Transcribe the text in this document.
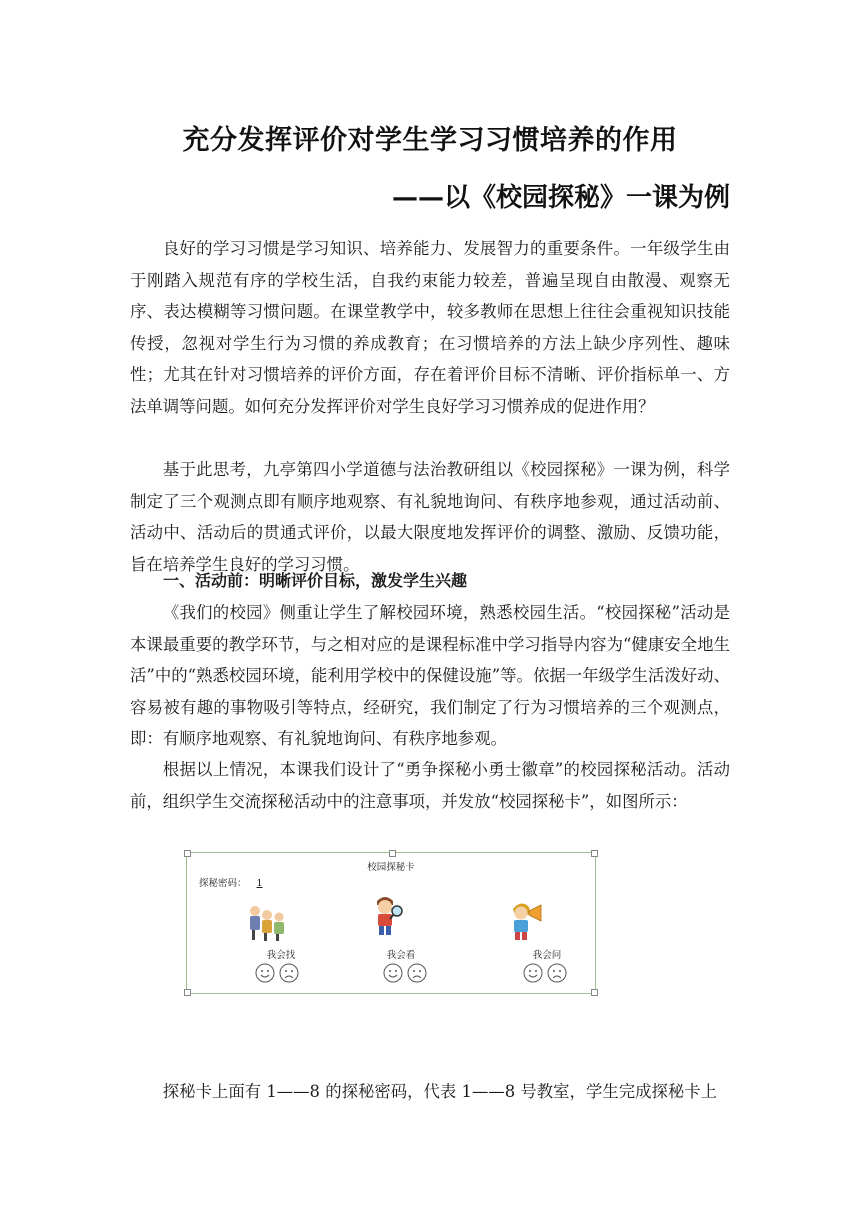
充分发挥评价对学生学习习惯培养的作用
——以《校园探秘》一课为例

良好的学习习惯是学习知识、培养能力、发展智力的重要条件。一年级学生由于刚踏入规范有序的学校生活，自我约束能力较差，普遍呈现自由散漫、观察无序、表达模糊等习惯问题。在课堂教学中，较多教师在思想上往往会重视知识技能传授，忽视对学生行为习惯的养成教育；在习惯培养的方法上缺少序列性、趣味性；尤其在针对习惯培养的评价方面，存在着评价目标不清晰、评价指标单一、方法单调等问题。如何充分发挥评价对学生良好学习习惯养成的促进作用？

基于此思考，九亭第四小学道德与法治教研组以《校园探秘》一课为例，科学制定了三个观测点即有顺序地观察、有礼貌地询问、有秩序地参观，通过活动前、活动中、活动后的贯通式评价，以最大限度地发挥评价的调整、激励、反馈功能，旨在培养学生良好的学习习惯。

一、活动前：明晰评价目标，激发学生兴趣

《我们的校园》侧重让学生了解校园环境，熟悉校园生活。“校园探秘”活动是本课最重要的教学环节，与之相对应的是课程标准中学习指导内容为“健康安全地生活”中的“熟悉校园环境，能利用学校中的保健设施”等。依据一年级学生活泼好动、容易被有趣的事物吸引等特点，经研究，我们制定了行为习惯培养的三个观测点，即：有顺序地观察、有礼貌地询问、有秩序地参观。

根据以上情况，本课我们设计了“勇争探秘小勇士徽章”的校园探秘活动。活动前，组织学生交流探秘活动中的注意事项，并发放“校园探秘卡”，如图所示：

校园探秘卡
探秘密码： 1
我会找	我会看	我会问

探秘卡上面有 1——8 的探秘密码，代表 1——8 号教室，学生完成探秘卡上
